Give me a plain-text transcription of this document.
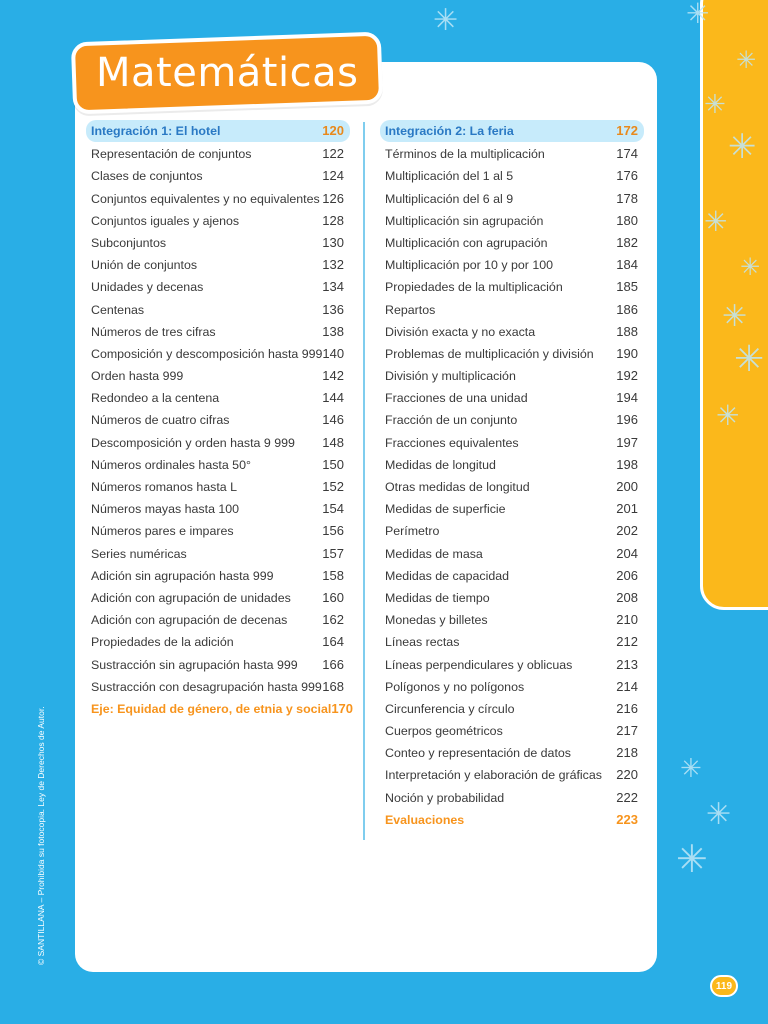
✳	✳
✳
✳
✳
✳
✳
✳
✳
✳
✳
✳
✳
Matemáticas
Integración 1: El hotel	120
Representación de conjuntos	122
Clases de conjuntos	124
Conjuntos equivalentes y no equivalentes 126
Conjuntos iguales y ajenos	128
Subconjuntos	130
Unión de conjuntos	132
Unidades y decenas	134
Centenas	136
Números de tres cifras	138
Composición y descomposición hasta 999 140
Orden hasta 999	142
Redondeo a la centena	144
Números de cuatro cifras	146
Descomposición y orden hasta 9 999 148
Números ordinales hasta 50°	150
Números romanos hasta L	152
Números mayas hasta 100	154
Números pares e impares	156
Series numéricas	157
Adición sin agrupación hasta 999	158
Adición con agrupación de unidades 160
Adición con agrupación de decenas	162
Propiedades de la adición	164
Sustracción sin agrupación hasta 999 166
Sustracción con desagrupación hasta 999 168
Eje: Equidad de género, de etnia y social 170
Integración 2: La feria	172
Términos de la multiplicación	174
Multiplicación del 1 al 5	176
Multiplicación del 6 al 9	178
Multiplicación sin agrupación	180
Multiplicación con agrupación	182
Multiplicación por 10 y por 100	184
Propiedades de la multiplicación	185
Repartos	186
División exacta y no exacta	188
Problemas de multiplicación y división 190
División y multiplicación	192
Fracciones de una unidad	194
Fracción de un conjunto	196
Fracciones equivalentes	197
Medidas de longitud	198
Otras medidas de longitud	200
Medidas de superficie	201
Perímetro	202
Medidas de masa	204
Medidas de capacidad	206
Medidas de tiempo	208
Monedas y billetes	210
Líneas rectas	212
Líneas perpendiculares y oblicuas	213
Polígonos y no polígonos	214
Circunferencia y círculo	216
Cuerpos geométricos	217
Conteo y representación de datos	218
Interpretación y elaboración de gráficas 220
Noción y probabilidad	222
Evaluaciones	223
© SANTILLANA – Prohibida su fotocopia. Ley de Derechos de Autor.
119
